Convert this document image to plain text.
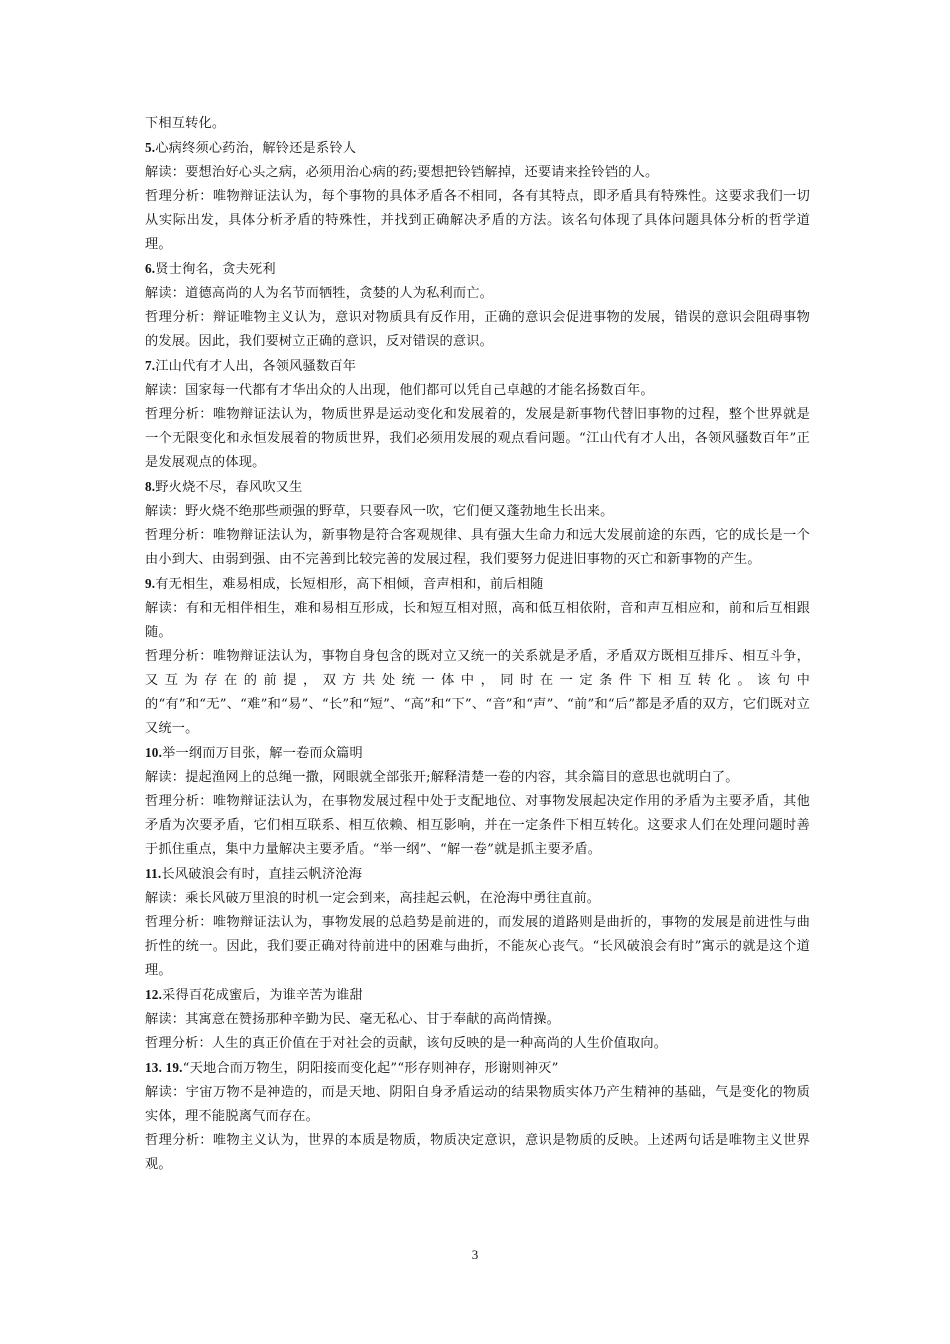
下相互转化。

5.心病终须心药治，解铃还是系铃人

解读：要想治好心头之病，必须用治心病的药;要想把铃铛解掉，还要请来拴铃铛的人。

哲理分析：唯物辩证法认为，每个事物的具体矛盾各不相同，各有其特点，即矛盾具有特殊性。这要求我们一切从实际出发，具体分析矛盾的特殊性，并找到正确解决矛盾的方法。该名句体现了具体问题具体分析的哲学道理。

6.贤士徇名，贪夫死利

解读：道德高尚的人为名节而牺牲，贪婪的人为私利而亡。

哲理分析：辩证唯物主义认为，意识对物质具有反作用，正确的意识会促进事物的发展，错误的意识会阻碍事物的发展。因此，我们要树立正确的意识，反对错误的意识。

7.江山代有才人出，各领风骚数百年

解读：国家每一代都有才华出众的人出现，他们都可以凭自己卓越的才能名扬数百年。

哲理分析：唯物辩证法认为，物质世界是运动变化和发展着的，发展是新事物代替旧事物的过程，整个世界就是一个无限变化和永恒发展着的物质世界，我们必须用发展的观点看问题。“江山代有才人出，各领风骚数百年”正是发展观点的体现。

8.野火烧不尽，春风吹又生

解读：野火烧不绝那些顽强的野草，只要春风一吹，它们便又蓬勃地生长出来。

哲理分析：唯物辩证法认为，新事物是符合客观规律、具有强大生命力和远大发展前途的东西，它的成长是一个由小到大、由弱到强、由不完善到比较完善的发展过程，我们要努力促进旧事物的灭亡和新事物的产生。

9.有无相生，难易相成，长短相形，高下相倾，音声相和，前后相随

解读：有和无相伴相生，难和易相互形成，长和短互相对照，高和低互相依附，音和声互相应和，前和后互相跟随。

哲理分析：唯物辩证法认为，事物自身包含的既对立又统一的关系就是矛盾，矛盾双方既相互排斥、相互斗争，又互为存在的前提，双方共处统一体中，同时在一定条件下相互转化。该句中的“有”和“无”、“难”和“易”、“长”和“短”、“高”和“下”、“音”和“声”、“前”和“后”都是矛盾的双方，它们既对立又统一。

10.举一纲而万目张，解一卷而众篇明

解读：提起渔网上的总绳一撒，网眼就全部张开;解释清楚一卷的内容，其余篇目的意思也就明白了。

哲理分析：唯物辩证法认为，在事物发展过程中处于支配地位、对事物发展起决定作用的矛盾为主要矛盾，其他矛盾为次要矛盾，它们相互联系、相互依赖、相互影响，并在一定条件下相互转化。这要求人们在处理问题时善于抓住重点，集中力量解决主要矛盾。“举一纲”、“解一卷”就是抓主要矛盾。

11.长风破浪会有时，直挂云帆济沧海

解读：乘长风破万里浪的时机一定会到来，高挂起云帆，在沧海中勇往直前。

哲理分析：唯物辩证法认为，事物发展的总趋势是前进的，而发展的道路则是曲折的，事物的发展是前进性与曲折性的统一。因此，我们要正确对待前进中的困难与曲折，不能灰心丧气。“长风破浪会有时”寓示的就是这个道理。

12.采得百花成蜜后，为谁辛苦为谁甜

解读：其寓意在赞扬那种辛勤为民、毫无私心、甘于奉献的高尚情操。

哲理分析：人生的真正价值在于对社会的贡献，该句反映的是一种高尚的人生价值取向。

13. 19.“天地合而万物生，阴阳接而变化起”“形存则神存，形谢则神灭”

解读：宇宙万物不是神造的，而是天地、阴阳自身矛盾运动的结果物质实体乃产生精神的基础，气是变化的物质实体，理不能脱离气而存在。

哲理分析：唯物主义认为，世界的本质是物质，物质决定意识，意识是物质的反映。上述两句话是唯物主义世界观。

3
